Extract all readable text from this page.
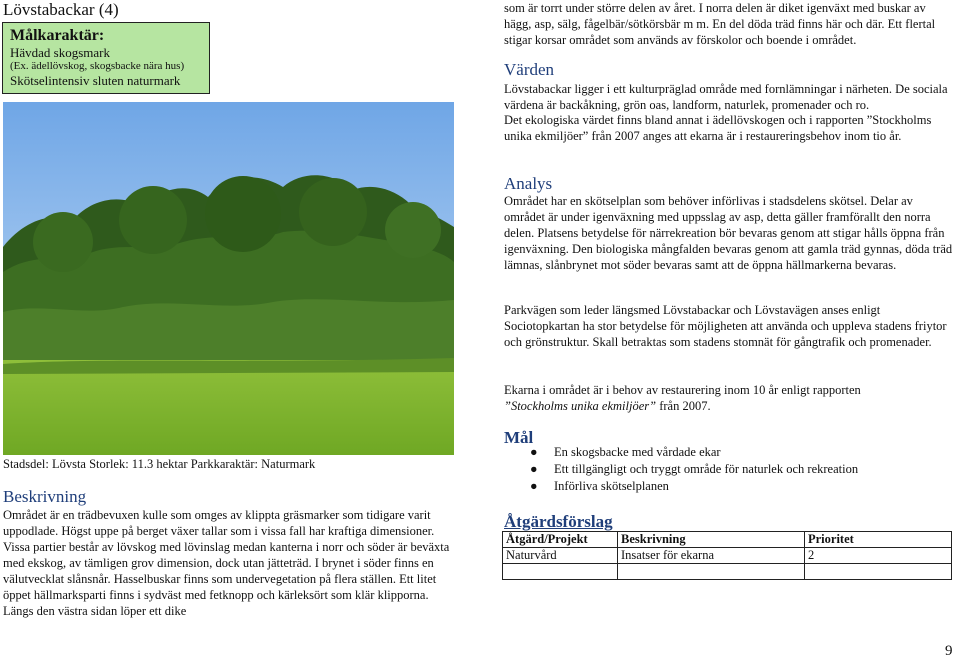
Lövstabackar (4)
Målkaraktär:
Hävdad skogsmark
(Ex. ädellövskog, skogsbacke nära hus)
Skötselintensiv sluten naturmark
Stadsdel: Lövsta Storlek: 11.3 hektar Parkkaraktär: Naturmark
Beskrivning
Området är en trädbevuxen kulle som omges av klippta gräsmarker som tidigare varit uppodlade. Högst uppe på berget växer tallar som i vissa fall har kraftiga dimensioner. Vissa partier består av lövskog med lövinslag medan kanterna i norr och söder är beväxta med ekskog, av tämligen grov dimension, dock utan jätteträd. I brynet i söder finns en välutvecklat slånsnår. Hasselbuskar finns som undervegetation på flera ställen. Ett litet öppet hällmarksparti finns i sydväst med fetknopp och kärleksört som klär klipporna. Längs den västra sidan löper ett dike
som är torrt under större delen av året. I norra delen är diket igenväxt med buskar av hägg, asp, sälg, fågelbär/sötkörsbär m m. En del döda träd finns här och där. Ett flertal stigar korsar området som används av förskolor och boende i området.
Värden
Lövstabackar ligger i ett kulturpräglad område med fornlämningar i närheten. De sociala värdena är backåkning, grön oas, landform, naturlek, promenader och ro.
Det ekologiska värdet finns bland annat i ädellövskogen och i rapporten ”Stockholms unika ekmiljöer” från 2007 anges att ekarna är i restaureringsbehov inom tio år.
Analys
Området har en skötselplan som behöver införlivas i stadsdelens skötsel. Delar av området är under igenväxning med uppsslag av asp, detta gäller framförallt den norra delen. Platsens betydelse för närrekreation bör bevaras genom att stigar hålls öppna från igenväxning. Den biologiska mångfalden bevaras genom att gamla träd gynnas, döda träd lämnas, slånbrynet mot söder bevaras samt att de öppna hällmarkerna bevaras.
Parkvägen som leder längsmed Lövstabackar och Lövstavägen anses enligt Sociotopkartan ha stor betydelse för möjligheten att använda och uppleva stadens friytor och grönstruktur. Skall betraktas som stadens stomnät för gångtrafik och promenader.
Ekarna i området är i behov av restaurering inom 10 år enligt rapporten
”Stockholms unika ekmiljöer” från 2007.
Mål
● En skogsbacke med vårdade ekar
● Ett tillgängligt och tryggt område för naturlek och rekreation
● Införliva skötselplanen
Åtgärdsförslag
Åtgärd/Projekt	Beskrivning	Prioritet
Naturvård	Insatser för ekarna	2

9
